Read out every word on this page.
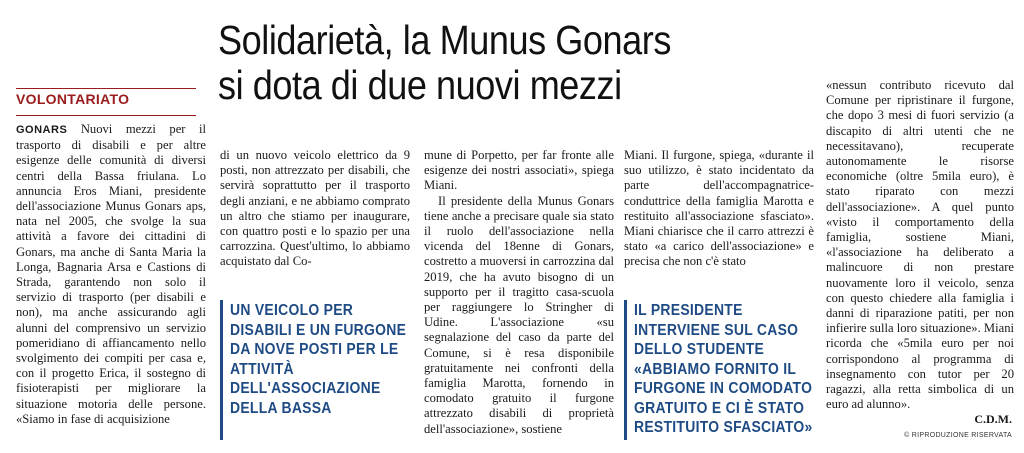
Solidarietà, la Munus Gonars
si dota di due nuovi mezzi
VOLONTARIATO

GONARS Nuovi mezzi per il trasporto di disabili e per altre esigenze delle comunità di diversi centri della Bassa friulana. Lo annuncia Eros Miani, presidente dell'associazione Munus Gonars aps, nata nel 2005, che svolge la sua attività a favore dei cittadini di Gonars, ma anche di Santa Maria la Longa, Bagnaria Arsa e Castions di Strada, garantendo non solo il servizio di trasporto (per disabili e non), ma anche assicurando agli alunni del comprensivo un servizio pomeridiano di affiancamento nello svolgimento dei compiti per casa e, con il progetto Erica, il sostegno di fisioterapisti per migliorare la situazione motoria delle persone. «Siamo in fase di acquisizione

di un nuovo veicolo elettrico da 9 posti, non attrezzato per disabili, che servirà soprattutto per il trasporto degli anziani, e ne abbiamo comprato un altro che stiamo per inaugurare, con quattro posti e lo spazio per una carrozzina. Quest'ultimo, lo abbiamo acquistato dal Co-

UN VEICOLO PER DISABILI E UN FURGONE DA NOVE POSTI PER LE ATTIVITÀ DELL'ASSOCIAZIONE DELLA BASSA

mune di Porpetto, per far fronte alle esigenze dei nostri associati», spiega Miani.

Il presidente della Munus Gonars tiene anche a precisare quale sia stato il ruolo dell'associazione nella vicenda del 18enne di Gonars, costretto a muoversi in carrozzina dal 2019, che ha avuto bisogno di un supporto per il tragitto casa-scuola per raggiungere lo Stringher di Udine. L'associazione «su segnalazione del caso da parte del Comune, si è resa disponibile gratuitamente nei confronti della famiglia Marotta, fornendo in comodato gratuito il furgone attrezzato disabili di proprietà dell'associazione», sostiene

Miani. Il furgone, spiega, «durante il suo utilizzo, è stato incidentato da parte dell'accompagnatrice-conduttrice della famiglia Marotta e restituito all'associazione sfasciato». Miani chiarisce che il carro attrezzi è stato «a carico dell'associazione» e precisa che non c'è stato

IL PRESIDENTE INTERVIENE SUL CASO DELLO STUDENTE «ABBIAMO FORNITO IL FURGONE IN COMODATO GRATUITO E CI È STATO RESTITUITO SFASCIATO»

«nessun contributo ricevuto dal Comune per ripristinare il furgone, che dopo 3 mesi di fuori servizio (a discapito di altri utenti che ne necessitavano), recuperate autonomamente le risorse economiche (oltre 5mila euro), è stato riparato con mezzi dell'associazione». A quel punto «visto il comportamento della famiglia, sostiene Miani, «l'associazione ha deliberato a malincuore di non prestare nuovamente loro il veicolo, senza con questo chiedere alla famiglia i danni di riparazione patiti, per non infierire sulla loro situazione». Miani ricorda che «5mila euro per noi corrispondono al programma di insegnamento con tutor per 20 ragazzi, alla retta simbolica di un euro ad alunno».

C.D.M.
© RIPRODUZIONE RISERVATA
